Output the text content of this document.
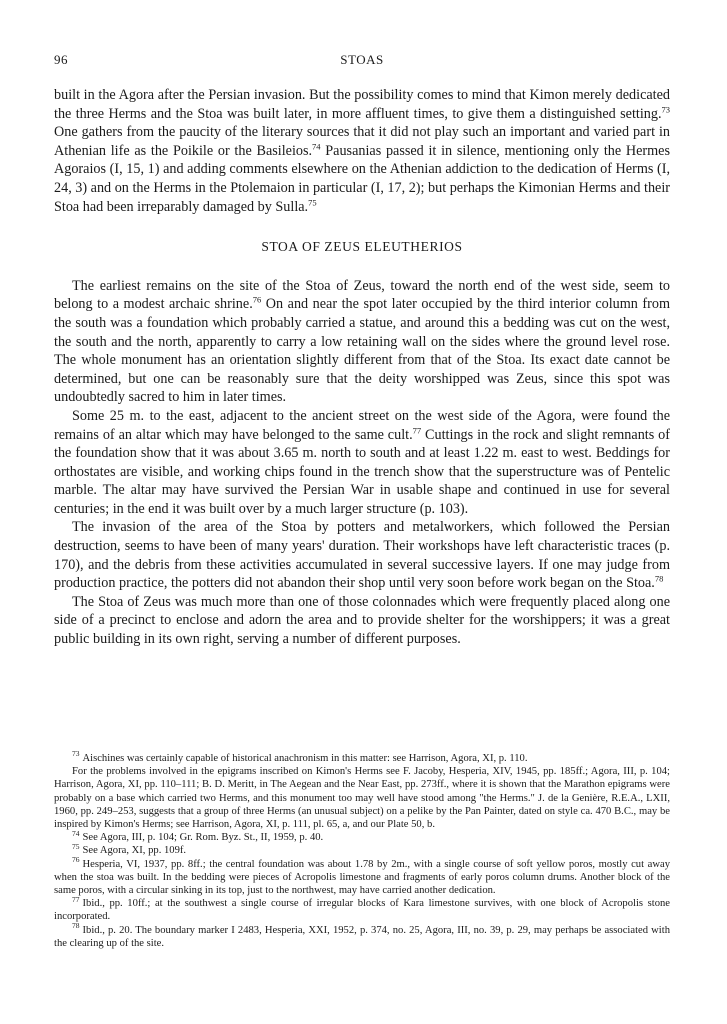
96	STOAS

built in the Agora after the Persian invasion. But the possibility comes to mind that Kimon merely dedicated the three Herms and the Stoa was built later, in more affluent times, to give them a distinguished setting.$^{73}$ One gathers from the paucity of the literary sources that it did not play such an important and varied part in Athenian life as the Poikile or the Basileios.$^{74}$ Pausanias passed it in silence, mentioning only the Hermes Agoraios (I, 15, 1) and adding comments elsewhere on the Athenian addiction to the dedication of Herms (I, 24, 3) and on the Herms in the Ptolemaion in particular (I, 17, 2); but perhaps the Kimonian Herms and their Stoa had been irreparably damaged by Sulla.$^{75}$

STOA OF ZEUS ELEUTHERIOS

The earliest remains on the site of the Stoa of Zeus, toward the north end of the west side, seem to belong to a modest archaic shrine.$^{76}$ On and near the spot later occupied by the third interior column from the south was a foundation which probably carried a statue, and around this a bedding was cut on the west, the south and the north, apparently to carry a low retaining wall on the sides where the ground level rose. The whole monument has an orientation slightly different from that of the Stoa. Its exact date cannot be determined, but one can be reasonably sure that the deity worshipped was Zeus, since this spot was undoubtedly sacred to him in later times.

Some 25 m. to the east, adjacent to the ancient street on the west side of the Agora, were found the remains of an altar which may have belonged to the same cult.$^{77}$ Cuttings in the rock and slight remnants of the foundation show that it was about 3.65 m. north to south and at least 1.22 m. east to west. Beddings for orthostates are visible, and working chips found in the trench show that the superstructure was of Pentelic marble. The altar may have survived the Persian War in usable shape and continued in use for several centuries; in the end it was built over by a much larger structure (p. 103).

The invasion of the area of the Stoa by potters and metalworkers, which followed the Persian destruction, seems to have been of many years' duration. Their workshops have left characteristic traces (p. 170), and the debris from these activities accumulated in several successive layers. If one may judge from production practice, the potters did not abandon their shop until very soon before work began on the Stoa.$^{78}$

The Stoa of Zeus was much more than one of those colonnades which were frequently placed along one side of a precinct to enclose and adorn the area and to provide shelter for the worshippers; it was a great public building in its own right, serving a number of different purposes.

$^{73}$ Aischines was certainly capable of historical anachronism in this matter: see Harrison, Agora, XI, p. 110.

For the problems involved in the epigrams inscribed on Kimon's Herms see F. Jacoby, Hesperia, XIV, 1945, pp. 185ff.; Agora, III, p. 104; Harrison, Agora, XI, pp. 110–111; B. D. Meritt, in The Aegean and the Near East, pp. 273ff., where it is shown that the Marathon epigrams were probably on a base which carried two Herms, and this monument too may well have stood among "the Herms." J. de la Genière, R.E.A., LXII, 1960, pp. 249–253, suggests that a group of three Herms (an unusual subject) on a pelike by the Pan Painter, dated on style ca. 470 B.C., may be inspired by Kimon's Herms; see Harrison, Agora, XI, p. 111, pl. 65, a, and our Plate 50, b.

$^{74}$ See Agora, III, p. 104; Gr. Rom. Byz. St., II, 1959, p. 40.

$^{75}$ See Agora, XI, pp. 109f.

$^{76}$ Hesperia, VI, 1937, pp. 8ff.; the central foundation was about 1.78 by 2m., with a single course of soft yellow poros, mostly cut away when the stoa was built. In the bedding were pieces of Acropolis limestone and fragments of early poros column drums. Another block of the same poros, with a circular sinking in its top, just to the northwest, may have carried another dedication.

$^{77}$ Ibid., pp. 10ff.; at the southwest a single course of irregular blocks of Kara limestone survives, with one block of Acropolis stone incorporated.

$^{78}$ Ibid., p. 20. The boundary marker I 2483, Hesperia, XXI, 1952, p. 374, no. 25, Agora, III, no. 39, p. 29, may perhaps be associated with the clearing up of the site.
